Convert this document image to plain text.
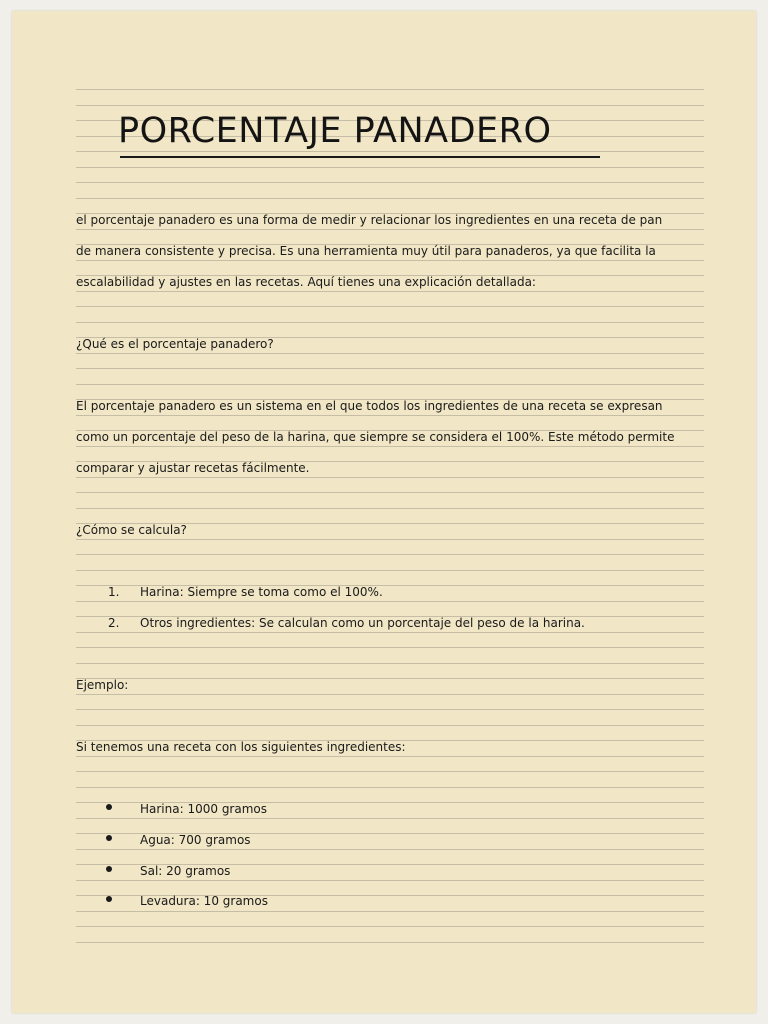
PORCENTAJE PANADERO
el porcentaje panadero es una forma de medir y relacionar los ingredientes en una receta de pan
de manera consistente y precisa. Es una herramienta muy útil para panaderos, ya que facilita la
escalabilidad y ajustes en las recetas. Aquí tienes una explicación detallada:
¿Qué es el porcentaje panadero?
El porcentaje panadero es un sistema en el que todos los ingredientes de una receta se expresan
como un porcentaje del peso de la harina, que siempre se considera el 100%. Este método permite
comparar y ajustar recetas fácilmente.
¿Cómo se calcula?
1. Harina: Siempre se toma como el 100%.
2. Otros ingredientes: Se calculan como un porcentaje del peso de la harina.
Ejemplo:
Si tenemos una receta con los siguientes ingredientes:
Harina: 1000 gramos
Agua: 700 gramos
Sal: 20 gramos
Levadura: 10 gramos
